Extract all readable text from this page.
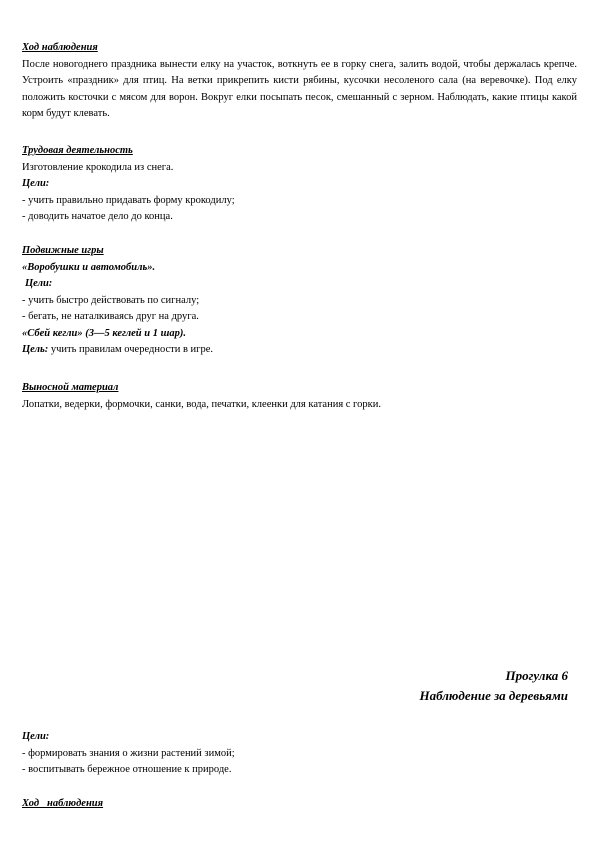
Ход наблюдения
После новогоднего праздника вынести елку на участок, воткнуть ее в горку снега, залить водой, чтобы держалась крепче. Устроить «праздник» для птиц. На ветки прикрепить кисти рябины, кусочки несоленого сала (на веревочке). Под елку положить косточки с мясом для ворон. Вокруг елки посыпать песок, смешанный с зерном. Наблюдать, какие птицы какой корм будут клевать.
Трудовая деятельность
Изготовление крокодила из снега.
Цели:
- учить правильно придавать форму крокодилу;
- доводить начатое дело до конца.
Подвижные игры
«Воробушки и автомобиль».
Цели:
- учить быстро действовать по сигналу;
- бегать, не наталкиваясь друг на друга.
«Сбей кегли» (3—5 кеглей и 1 шар).
Цель: учить правилам очередности в игре.
Выносной материал
Лопатки, ведерки, формочки, санки, вода, печатки, клеенки для катания с горки.
Прогулка 6
Наблюдение за деревьями
Цели:
- формировать знания о жизни растений зимой;
- воспитывать бережное отношение к природе.
Ход   наблюдения
